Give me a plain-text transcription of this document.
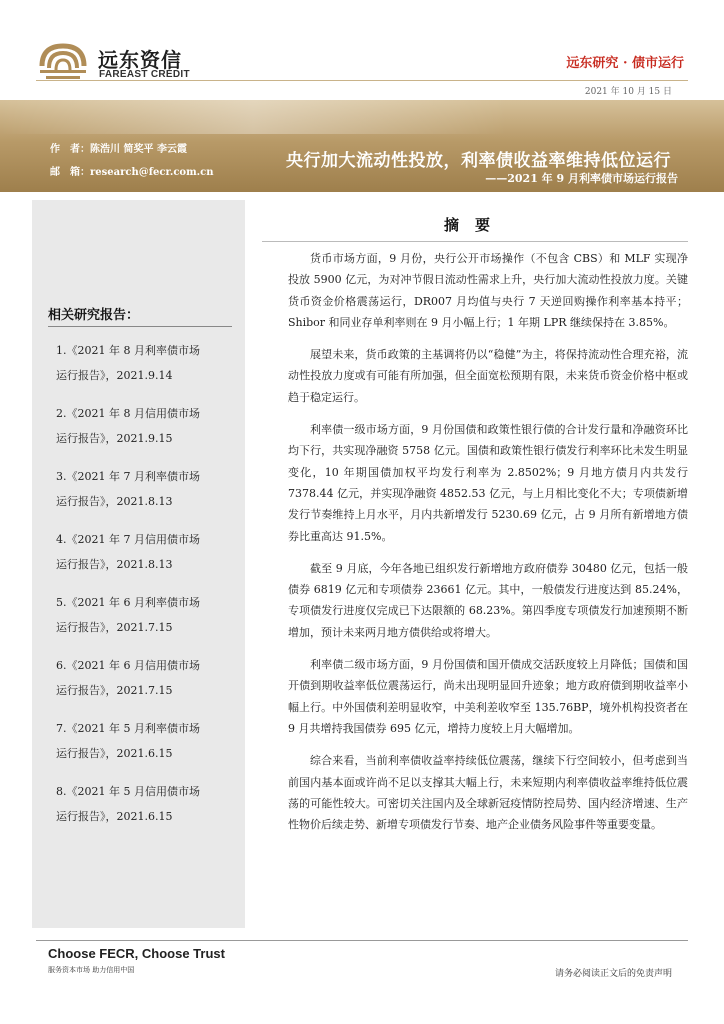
远东资信
FAREAST CREDIT
远东研究 · 债市运行
2021 年 10 月 15 日
作　者：陈浩川 简奖平 李云霞
邮　箱：research@fecr.com.cn
央行加大流动性投放，利率债收益率维持低位运行
——2021 年 9 月利率债市场运行报告
相关研究报告：
1.《2021 年 8 月利率债市场
运行报告》，2021.9.14
2.《2021 年 8 月信用债市场
运行报告》，2021.9.15
3.《2021 年 7 月利率债市场
运行报告》，2021.8.13
4.《2021 年 7 月信用债市场
运行报告》，2021.8.13
5.《2021 年 6 月利率债市场
运行报告》，2021.7.15
6.《2021 年 6 月信用债市场
运行报告》，2021.7.15
7.《2021 年 5 月利率债市场
运行报告》，2021.6.15
8.《2021 年 5 月信用债市场
运行报告》，2021.6.15
摘要

货币市场方面，9 月份，央行公开市场操作（不包含 CBS）和 MLF 实现净投放 5900 亿元，为对冲节假日流动性需求上升，央行加大流动性投放力度。关键货币资金价格震荡运行，DR007 月均值与央行 7 天逆回购操作利率基本持平；Shibor 和同业存单利率则在 9 月小幅上行；1 年期 LPR 继续保持在 3.85%。

展望未来，货币政策的主基调将仍以“稳健”为主，将保持流动性合理充裕，流动性投放力度或有可能有所加强，但全面宽松预期有限，未来货币资金价格中枢或趋于稳定运行。

利率债一级市场方面，9 月份国债和政策性银行债的合计发行量和净融资环比均下行，共实现净融资 5758 亿元。国债和政策性银行债发行利率环比未发生明显变化，10 年期国债加权平均发行利率为 2.8502%；9 月地方债月内共发行 7378.44 亿元，并实现净融资 4852.53 亿元，与上月相比变化不大；专项债新增发行节奏维持上月水平，月内共新增发行 5230.69 亿元，占 9 月所有新增地方债券比重高达 91.5%。

截至 9 月底，今年各地已组织发行新增地方政府债券 30480 亿元，包括一般债券 6819 亿元和专项债券 23661 亿元。其中，一般债发行进度达到 85.24%，专项债发行进度仅完成已下达限额的 68.23%。第四季度专项债发行加速预期不断增加，预计未来两月地方债供给或将增大。

利率债二级市场方面，9 月份国债和国开债成交活跃度较上月降低；国债和国开债到期收益率低位震荡运行，尚未出现明显回升迹象；地方政府债到期收益率小幅上行。中外国债利差明显收窄，中美利差收窄至 135.76BP，境外机构投资者在 9 月共增持我国债券 695 亿元，增持力度较上月大幅增加。

综合来看，当前利率债收益率持续低位震荡，继续下行空间较小，但考虑到当前国内基本面或许尚不足以支撑其大幅上行，未来短期内利率债收益率维持低位震荡的可能性较大。可密切关注国内及全球新冠疫情防控局势、国内经济增速、生产性物价后续走势、新增专项债发行节奏、地产企业债务风险事件等重要变量。

Choose FECR, Choose Trust
服务资本市场 助力信用中国	请务必阅读正文后的免责声明
